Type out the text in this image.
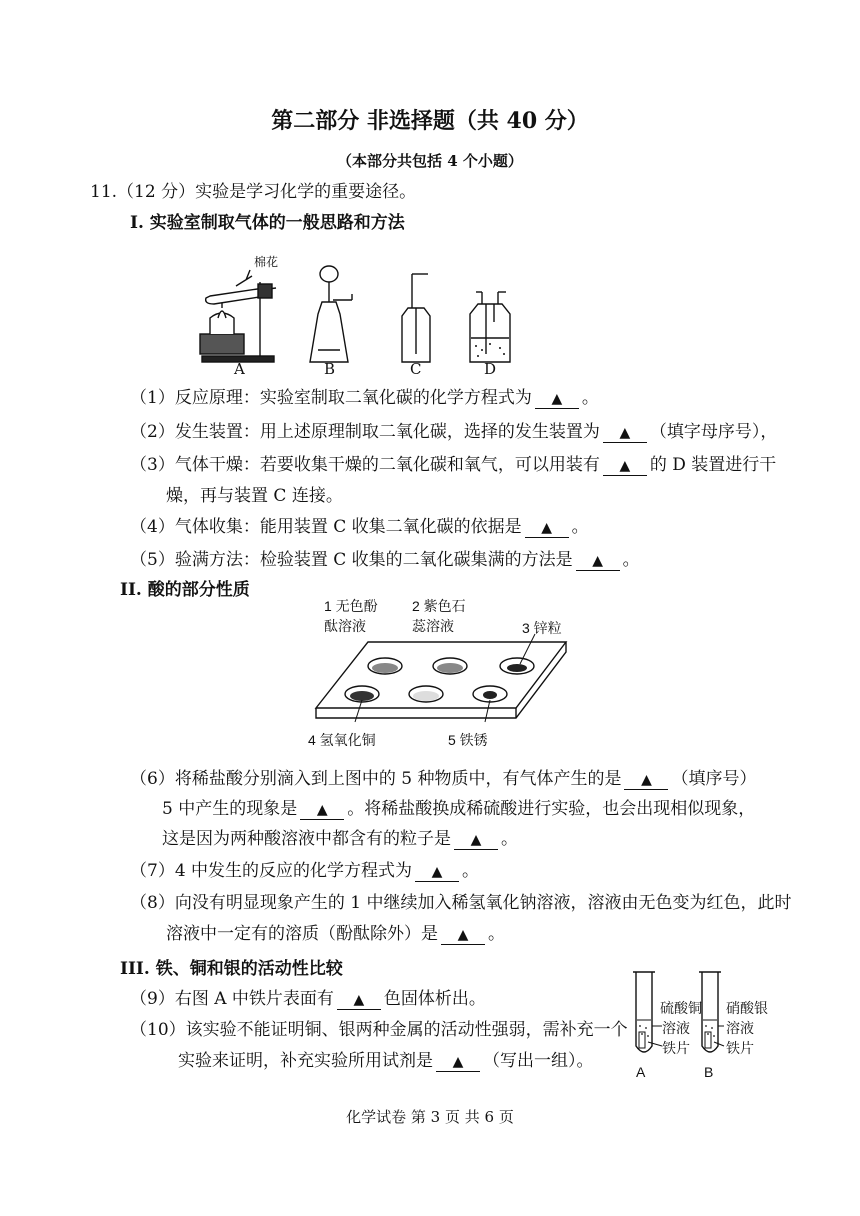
第二部分 非选择题（共 40 分）
（本部分共包括 4 个小题）
11.（12 分）实验是学习化学的重要途径。
I. 实验室制取气体的一般思路和方法
棉花
A	B	C	D
（1）反应原理：实验室制取二氧化碳的化学方程式为 ▲ 。
（2）发生装置：用上述原理制取二氧化碳，选择的发生装置为 ▲ （填字母序号），
（3）气体干燥：若要收集干燥的二氧化碳和氧气，可以用装有 ▲ 的 D 装置进行干
燥，再与装置 C 连接。
（4）气体收集：能用装置 C 收集二氧化碳的依据是 ▲ 。
（5）验满方法：检验装置 C 收集的二氧化碳集满的方法是 ▲ 。
II. 酸的部分性质
1 无色酚
酞溶液
2 紫色石
蕊溶液	3 锌粒
4 氢氧化铜	5 铁锈
（6）将稀盐酸分别滴入到上图中的 5 种物质中，有气体产生的是 ▲ （填序号）
5 中产生的现象是 ▲ 。将稀盐酸换成稀硫酸进行实验，也会出现相似现象，
这是因为两种酸溶液中都含有的粒子是 ▲ 。
（7）4 中发生的反应的化学方程式为 ▲ 。
（8）向没有明显现象产生的 1 中继续加入稀氢氧化钠溶液，溶液由无色变为红色，此时
溶液中一定有的溶质（酚酞除外）是 ▲ 。
III. 铁、铜和银的活动性比较
（9）右图 A 中铁片表面有 ▲ 色固体析出。
（10）该实验不能证明铜、银两种金属的活动性强弱，需补充一个
实验来证明，补充实验所用试剂是 ▲ （写出一组）。
硫酸铜
溶液
铁片
A
硝酸银
溶液
铁片
B
化学试卷 第 3 页 共 6 页
